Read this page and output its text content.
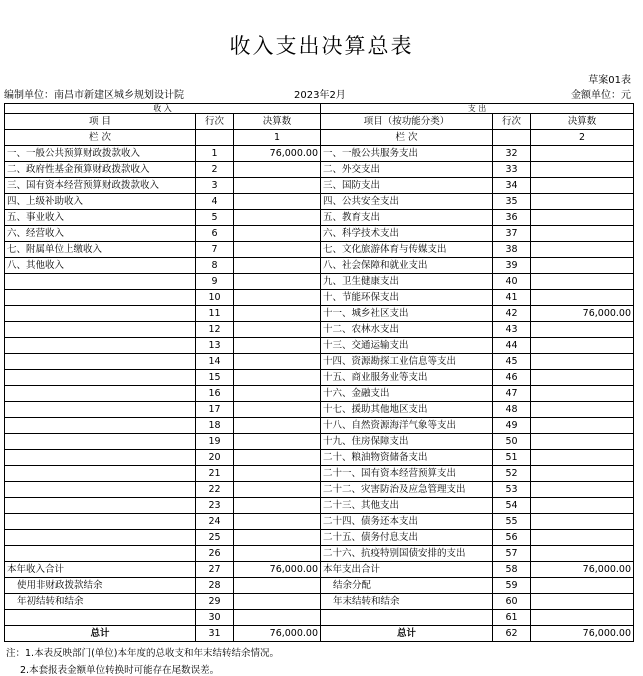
收入支出决算总表
草案01表
编制单位：南昌市新建区城乡规划设计院	2023年2月	金额单位：元
收 入			支 出		
项 目	行次	决算数	项目（按功能分类）	行次	决算数
栏 次		1	栏 次		2
一、一般公共预算财政拨款收入	1	76,000.00	一、一般公共服务支出	32	
二、政府性基金预算财政拨款收入	2		二、外交支出	33	
三、国有资本经营预算财政拨款收入	3		三、国防支出	34	
四、上级补助收入	4		四、公共安全支出	35	
五、事业收入	5		五、教育支出	36	
六、经营收入	6		六、科学技术支出	37	
七、附属单位上缴收入	7		七、文化旅游体育与传媒支出	38	
八、其他收入	8		八、社会保障和就业支出	39	
	9		九、卫生健康支出	40	
	10		十、节能环保支出	41	
	11		十一、城乡社区支出	42	76,000.00
	12		十二、农林水支出	43	
	13		十三、交通运输支出	44	
	14		十四、资源勘探工业信息等支出	45	
	15		十五、商业服务业等支出	46	
	16		十六、金融支出	47	
	17		十七、援助其他地区支出	48	
	18		十八、自然资源海洋气象等支出	49	
	19		十九、住房保障支出	50	
	20		二十、粮油物资储备支出	51	
	21		二十一、国有资本经营预算支出	52	
	22		二十二、灾害防治及应急管理支出	53	
	23		二十三、其他支出	54	
	24		二十四、债务还本支出	55	
	25		二十五、债务付息支出	56	
	26		二十六、抗疫特别国债安排的支出	57	
本年收入合计	27	76,000.00	本年支出合计	58	76,000.00
使用非财政拨款结余	28		结余分配	59	
年初结转和结余	29		年末结转和结余	60	
	30			61	
总计	31	76,000.00	总计	62	76,000.00
注：1.本表反映部门(单位)本年度的总收支和年末结转结余情况。
2.本套报表金额单位转换时可能存在尾数误差。
